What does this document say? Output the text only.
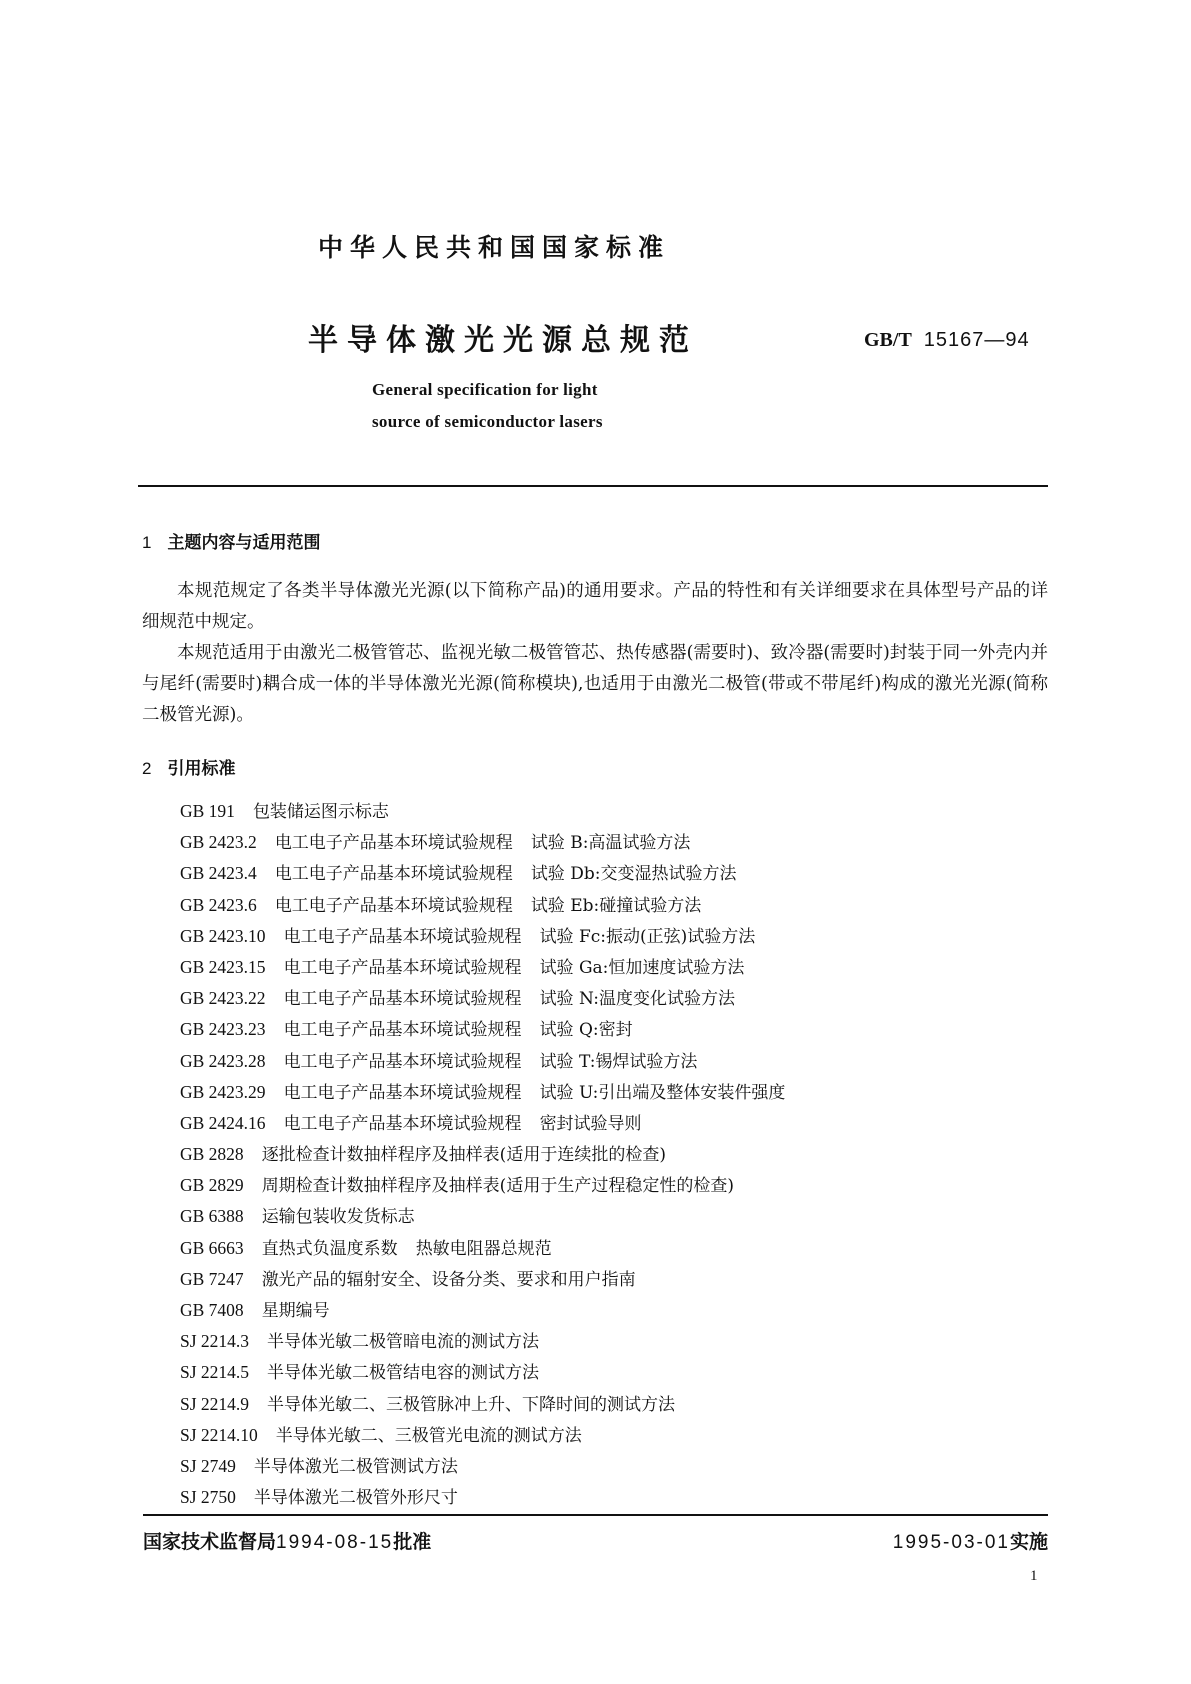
中华人民共和国国家标准
半导体激光光源总规范	GB/T 15167—94
General specification for light
source of semiconductor lasers
1 主题内容与适用范围
本规范规定了各类半导体激光光源(以下简称产品)的通用要求。产品的特性和有关详细要求在具体型号产品的详细规范中规定。
本规范适用于由激光二极管管芯、监视光敏二极管管芯、热传感器(需要时)、致冷器(需要时)封装于同一外壳内并与尾纤(需要时)耦合成一体的半导体激光光源(简称模块),也适用于由激光二极管(带或不带尾纤)构成的激光光源(简称二极管光源)。
2 引用标准
GB 191 包装储运图示标志
GB 2423.2 电工电子产品基本环境试验规程 试验 B:高温试验方法
GB 2423.4 电工电子产品基本环境试验规程 试验 Db:交变湿热试验方法
GB 2423.6 电工电子产品基本环境试验规程 试验 Eb:碰撞试验方法
GB 2423.10 电工电子产品基本环境试验规程 试验 Fc:振动(正弦)试验方法
GB 2423.15 电工电子产品基本环境试验规程 试验 Ga:恒加速度试验方法
GB 2423.22 电工电子产品基本环境试验规程 试验 N:温度变化试验方法
GB 2423.23 电工电子产品基本环境试验规程 试验 Q:密封
GB 2423.28 电工电子产品基本环境试验规程 试验 T:锡焊试验方法
GB 2423.29 电工电子产品基本环境试验规程 试验 U:引出端及整体安装件强度
GB 2424.16 电工电子产品基本环境试验规程 密封试验导则
GB 2828 逐批检查计数抽样程序及抽样表(适用于连续批的检查)
GB 2829 周期检查计数抽样程序及抽样表(适用于生产过程稳定性的检查)
GB 6388 运输包装收发货标志
GB 6663 直热式负温度系数 热敏电阻器总规范
GB 7247 激光产品的辐射安全、设备分类、要求和用户指南
GB 7408 星期编号
SJ 2214.3 半导体光敏二极管暗电流的测试方法
SJ 2214.5 半导体光敏二极管结电容的测试方法
SJ 2214.9 半导体光敏二、三极管脉冲上升、下降时间的测试方法
SJ 2214.10 半导体光敏二、三极管光电流的测试方法
SJ 2749 半导体激光二极管测试方法
SJ 2750 半导体激光二极管外形尺寸
国家技术监督局1994-08-15批准	1995-03-01实施
1
